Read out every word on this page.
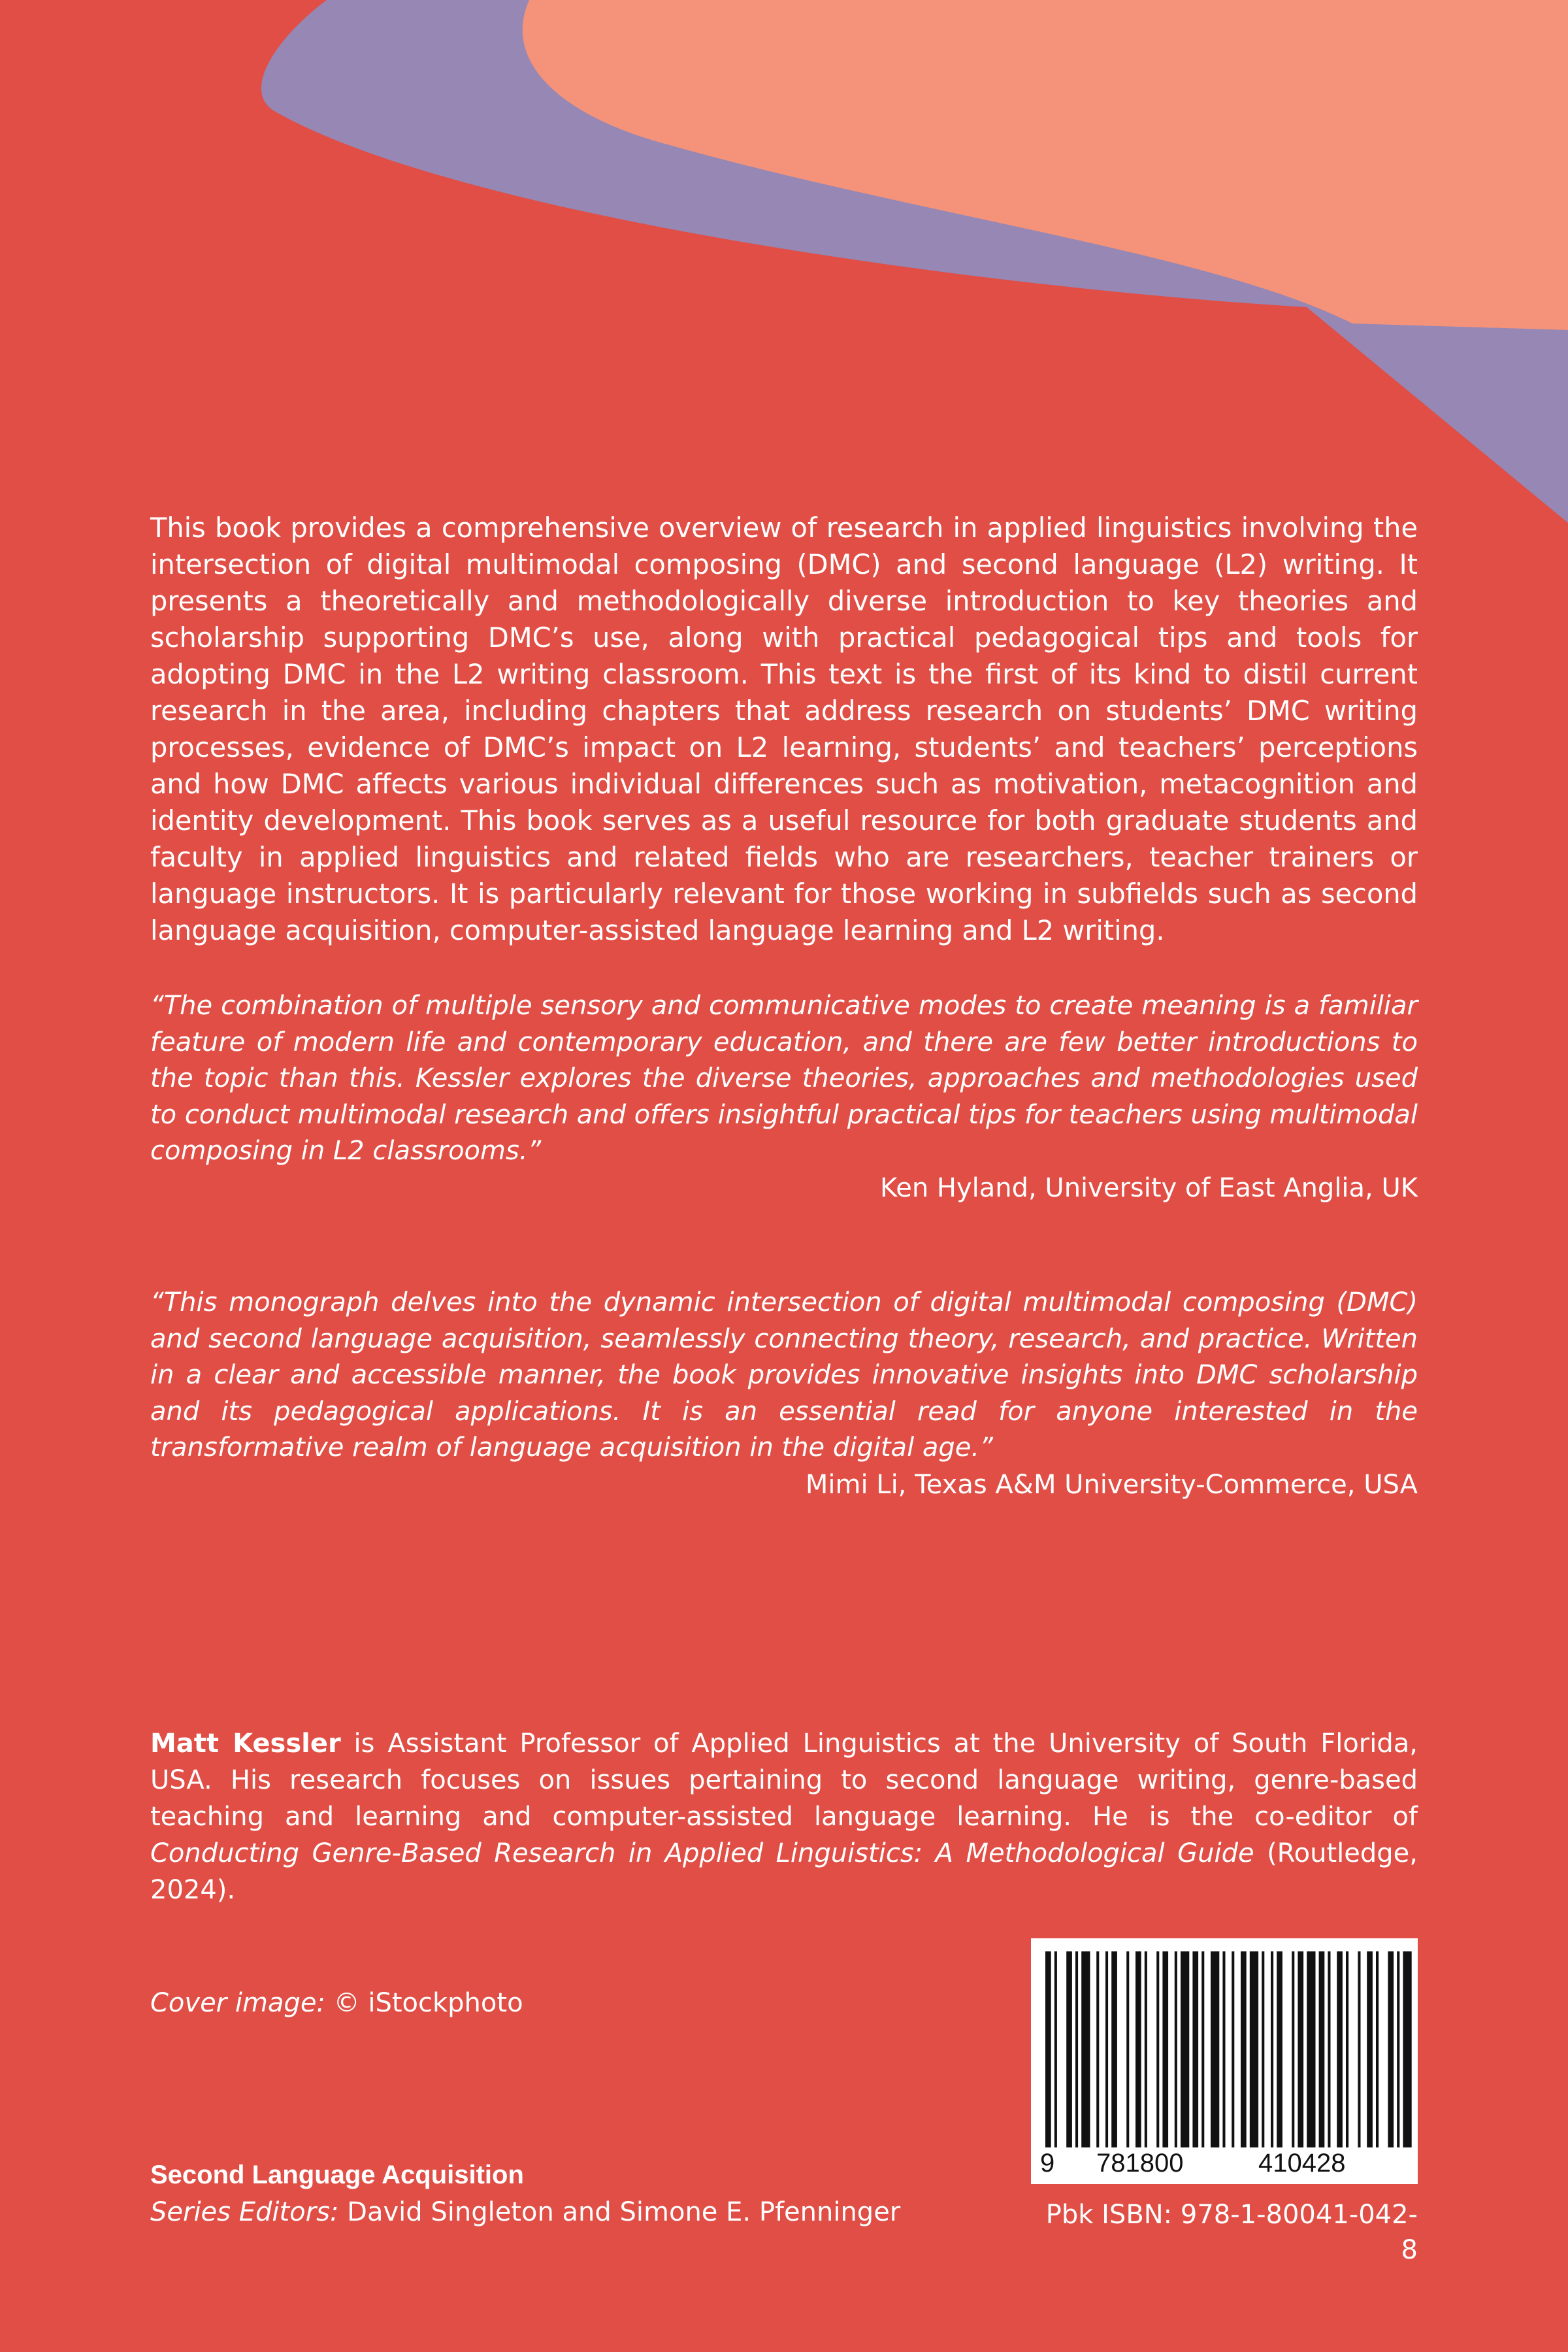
This book provides a comprehensive overview of research in applied linguistics involving the intersection of digital multimodal composing (DMC) and second language (L2) writing. It presents a theoretically and methodologically diverse introduction to key theories and scholarship supporting DMC’s use, along with practical pedagogical tips and tools for adopting DMC in the L2 writing classroom. This text is the first of its kind to distil current research in the area, including chapters that address research on students’ DMC writing processes, evidence of DMC’s impact on L2 learning, students’ and teachers’ perceptions and how DMC affects various individual differences such as motivation, metacognition and identity development. This book serves as a useful resource for both graduate students and faculty in applied linguistics and related fields who are researchers, teacher trainers or language instructors. It is particularly relevant for those working in subfields such as second language acquisition, computer-assisted language learning and L2 writing.

“The combination of multiple sensory and communicative modes to create meaning is a familiar feature of modern life and contemporary education, and there are few better introductions to the topic than this. Kessler explores the diverse theories, approaches and methodologies used to conduct multimodal research and offers insightful practical tips for teachers using multimodal composing in L2 classrooms.”

Ken Hyland, University of East Anglia, UK

“This monograph delves into the dynamic intersection of digital multimodal composing (DMC) and second language acquisition, seamlessly connecting theory, research, and practice. Written in a clear and accessible manner, the book provides innovative insights into DMC scholarship and its pedagogical applications. It is an essential read for anyone interested in the transformative realm of language acquisition in the digital age.”

Mimi Li, Texas A&M University-Commerce, USA

Matt Kessler is Assistant Professor of Applied Linguistics at the University of South Florida, USA. His research focuses on issues pertaining to second language writing, genre-based teaching and learning and computer-assisted language learning. He is the co-editor of Conducting Genre-Based Research in Applied Linguistics: A Methodological Guide (Routledge, 2024).

Cover image: © iStockphoto

Second Language Acquisition

Series Editors: David Singleton and Simone E. Pfenninger

9 781800	410428

Pbk ISBN: 978-1-80041-042-8
